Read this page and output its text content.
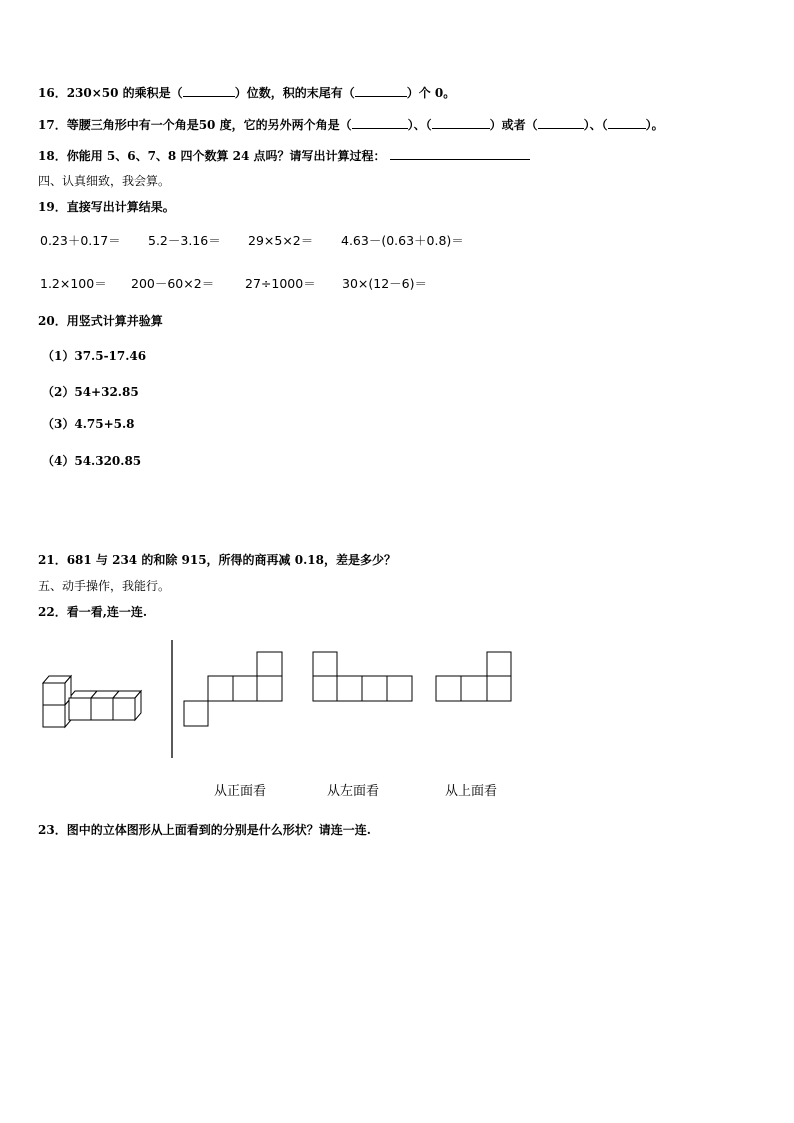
16．230×50 的乘积是（	）位数，积的末尾有（	）个 0。
17．等腰三角形中有一个角是50 度，它的另外两个角是（	）、（	）或者（	）、（	）。
18．你能用 5、6、7、8 四个数算 24 点吗？请写出计算过程：
四、认真细致，我会算。
19．直接写出计算结果。
0.23＋0.17＝ 5.2－3.16＝ 29×5×2＝ 4.63－(0.63＋0.8)＝
1.2×100＝ 200－60×2＝ 27÷1000＝ 30×(12－6)＝
20．用竖式计算并验算
（1）37.5-17.46
（2）54+32.85
（3）4.75+5.8
（4）54.320.85
21．681 与 234 的和除 915，所得的商再减 0.18，差是多少？
五、动手操作，我能行。
22．看一看,连一连.
从正面看	从左面看	从上面看
23．图中的立体图形从上面看到的分别是什么形状？请连一连.
